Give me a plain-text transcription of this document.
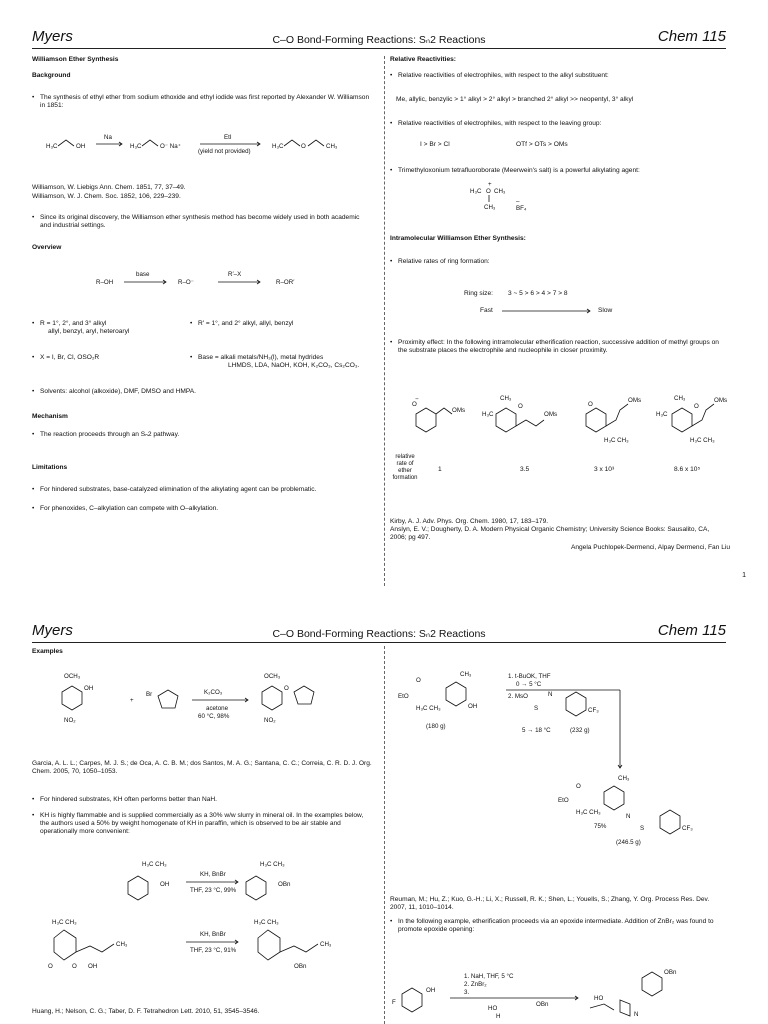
Myers	C–O Bond-Forming Reactions: Sₙ2 Reactions	Chem 115
Williamson Ether Synthesis
Background
• The synthesis of ethyl ether from sodium ethoxide and ethyl iodide was first reported by Alexander W. Williamson in 1851:
H₃C	OH
Na
H₃C	O⁻ Na⁺
EtI
(yield not provided)
H₃C	O	CH₃
Williamson, W. Liebigs Ann. Chem. 1851, 77, 37–49.
Williamson, W. J. Chem. Soc. 1852, 106, 229–239.
• Since its original discovery, the Williamson ether synthesis method has become widely used in both academic and industrial settings.
Overview
R–OH
base
R–O⁻
R′–X
R–OR′
• R = 1°, 2°, and 3° alkyl
allyl, benzyl, aryl, heteroaryl
• R′ = 1°, and 2° alkyl, allyl, benzyl
• X = I, Br, Cl, OSO₂R
•	Base = alkali metals/NH₃(l), metal hydrides
LHMDS, LDA, NaOH, KOH, K₂CO₃, Cs₂CO₃.
• Solvents: alcohol (alkoxide), DMF, DMSO and HMPA.
Mechanism
• The reaction proceeds through an Sₙ2 pathway.
Limitations
• For hindered substrates, base-catalyzed elimination of the alkylating agent can be problematic.
• For phenoxides, C–alkylation can compete with O–alkylation.
Relative Reactivities:
• Relative reactivities of electrophiles, with respect to the alkyl substituent:
Me, allylic, benzylic > 1° alkyl > 2° alkyl > branched 2° alkyl >> neopentyl, 3° alkyl
• Relative reactivities of electrophiles, with respect to the leaving group:
I > Br > Cl	OTf > OTs > OMs
• Trimethyloxonium tetrafluoroborate (Meerwein's salt) is a powerful alkylating agent:
H₃C
+
O CH₃
CH₃
–
BF₄
Intramolecular Williamson Ether Synthesis:
• Relative rates of ring formation:
Ring size: 3 ~ 5 > 6 > 4 > 7 > 8
Fast	Slow
• Proximity effect: In the following intramolecular etherification reaction, successive addition of methyl groups on the substrate places the electrophile and nucleophile in closer proximity.
O
−
OMs
CH₃
H₃C
O
OMs
O
OMs
H₃C CH₃
CH₃
H₃C
O
OMs
H₃C CH₃
relative rate of ether formation
1	3.5	3 x 10³	8.6 x 10⁵
Kirby, A. J. Adv. Phys. Org. Chem. 1980, 17, 183–179.
Anslyn, E. V.; Dougherty, D. A. Modern Physical Organic Chemistry; University Science Books: Sausalito, CA, 2006; pg 497.
Angela Puchlopek-Dermenci, Alpay Dermenci, Fan Liu
1
Myers	C–O Bond-Forming Reactions: Sₙ2 Reactions	Chem 115
Examples
OCH₃
OH
NO₂
+
Br	K₂CO₃
acetone
60 °C, 98%
OCH₃
O
NO₂
Garcia, A. L. L.; Carpes, M. J. S.; de Oca, A. C. B. M.; dos Santos, M. A. G.; Santana, C. C.; Correia, C. R. D. J. Org. Chem. 2005, 70, 1050–1053.
• For hindered substrates, KH often performs better than NaH.
• KH is highly flammable and is supplied commercially as a 30% w/w slurry in mineral oil. In the examples below, the authors used a 50% by weight homogenate of KH in paraffin, which is observed to be air stable and operationally more convenient:
H₃C CH₃
OH
KH, BnBr
THF, 23 °C, 99%
H₃C CH₃
OBn
H₃C CH₃
O	O
CH₃
OH
KH, BnBr
THF, 23 °C, 91%
H₃C CH₃
CH₃
OBn
Huang, H.; Nelson, C. G.; Taber, D. F. Tetrahedron Lett. 2010, 51, 3545–3546.
O
EtO
H₃C CH₃
CH₃
OH
(180 g)
1. t-BuOK, THF
0 → 5 °C
2. MsO	N
S	CF₃
5 → 18 °C	(232 g)
O
EtO
H₃C CH₃
CH₃
N
S	CF₃
75%
(246.5 g)
Reuman, M.; Hu, Z.; Kuo, G.-H.; Li, X.; Russell, R. K.; Shen, L.; Youells, S.; Zhang, Y. Org. Process Res. Dev. 2007, 11, 1010–1014.
• In the following example, etherification proceeds via an epoxide intermediate. Addition of ZnBr₂ was found to promote epoxide opening:
F
OH
1. NaH, THF, 5 °C
2. ZnBr₂
3.
HO
H
OBn
HO
N
OBn
